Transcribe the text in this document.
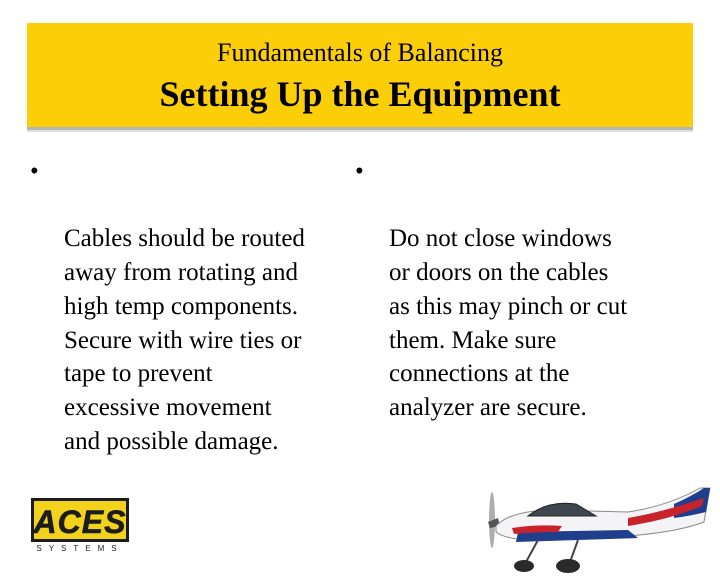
Fundamentals of Balancing
Setting Up the Equipment

•

Cables should be routed
away from rotating and
high temp components.
Secure with wire ties or
tape to prevent
excessive movement
and possible damage.

•

Do not close windows
or doors on the cables
as this may pinch or cut
them. Make sure
connections at the
analyzer are secure.

ACES
SYSTEMS
